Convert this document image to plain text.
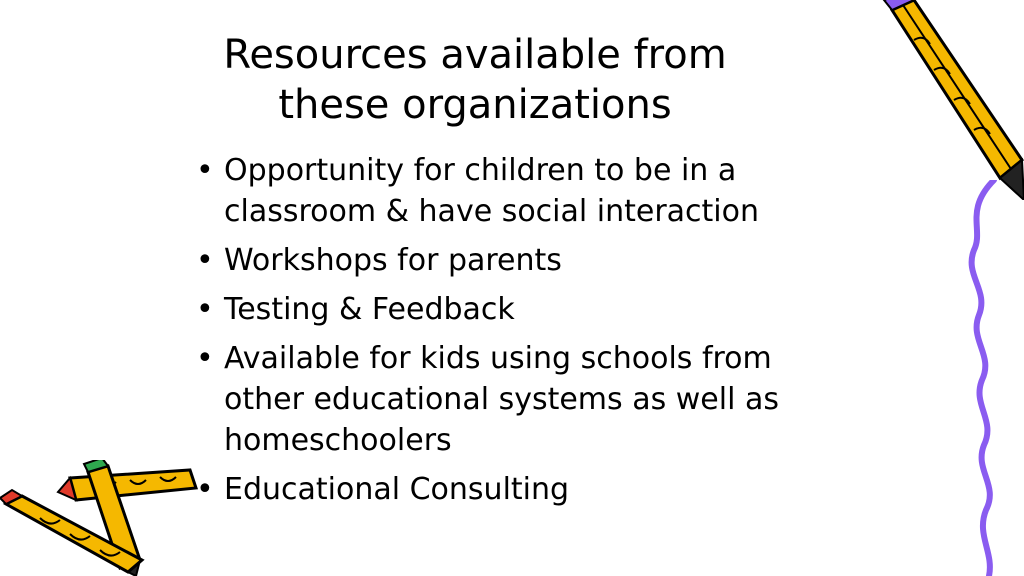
Resources available from
these organizations
• Opportunity for children to be in a classroom & have social interaction
• Workshops for parents
• Testing & Feedback
• Available for kids using schools from other educational systems as well as homeschoolers
• Educational Consulting
